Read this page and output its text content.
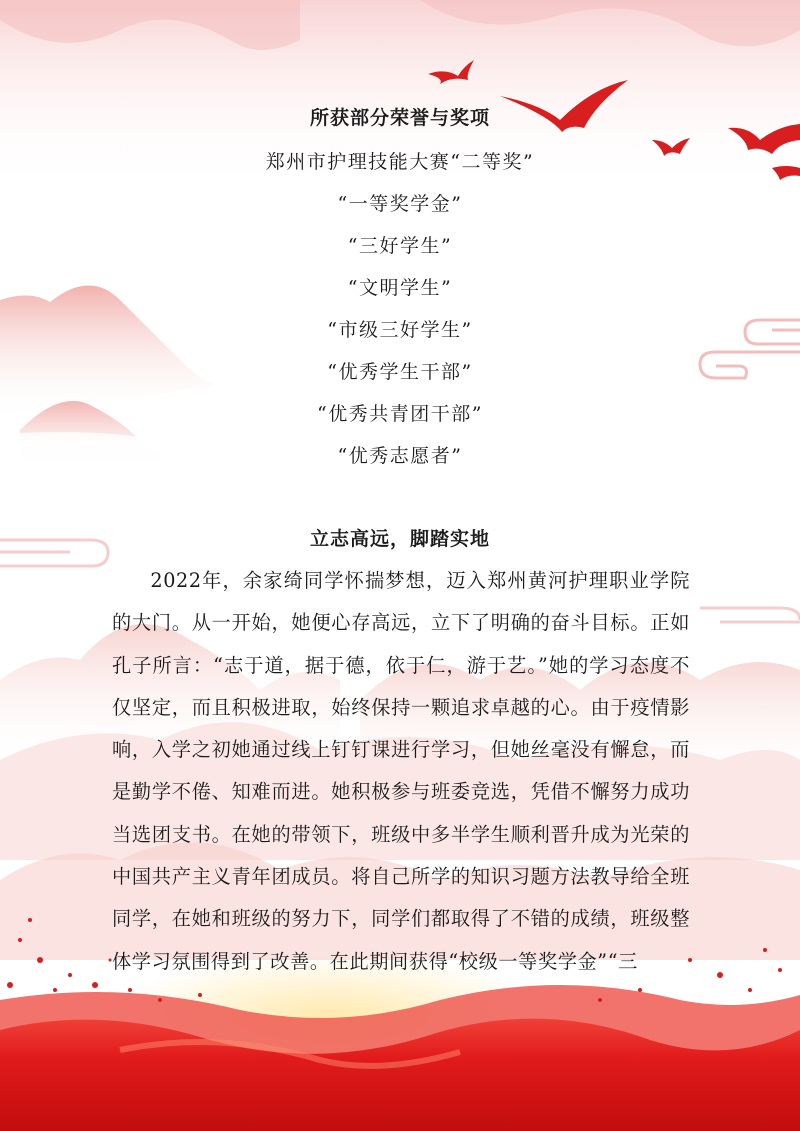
所获部分荣誉与奖项
郑州市护理技能大赛“二等奖”
“一等奖学金”
“三好学生”
“文明学生”
“市级三好学生”
“优秀学生干部”
“优秀共青团干部”
“优秀志愿者”
立志高远，脚踏实地

2022年，余家绮同学怀揣梦想，迈入郑州黄河护理职业学院的大门。从一开始，她便心存高远，立下了明确的奋斗目标。正如孔子所言：“志于道，据于德，依于仁，游于艺。”她的学习态度不仅坚定，而且积极进取，始终保持一颗追求卓越的心。由于疫情影响，入学之初她通过线上钉钉课进行学习，但她丝毫没有懈怠，而是勤学不倦、知难而进。她积极参与班委竞选，凭借不懈努力成功当选团支书。在她的带领下，班级中多半学生顺利晋升成为光荣的中国共产主义青年团成员。将自己所学的知识习题方法教导给全班同学，在她和班级的努力下，同学们都取得了不错的成绩，班级整体学习氛围得到了改善。在此期间获得“校级一等奖学金”“三
